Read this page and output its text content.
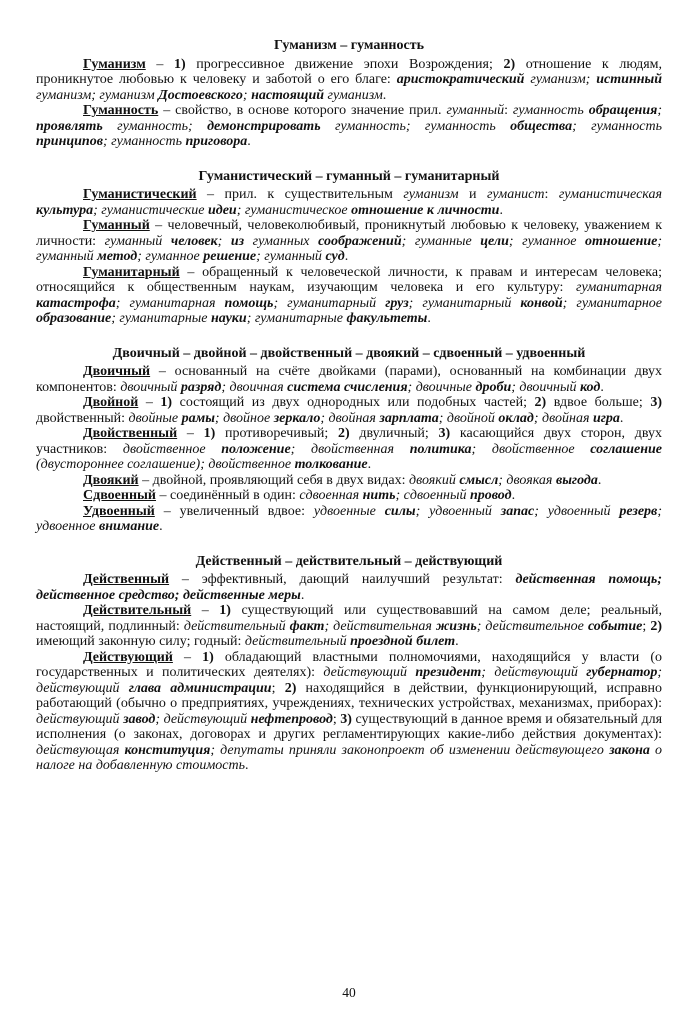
Гуманизм – гуманность

Гуманизм – 1) прогрессивное движение эпохи Возрождения; 2) отношение к людям, проникнутое любовью к человеку и заботой о его благе: аристократический гуманизм; истинный гуманизм; гуманизм Достоевского; настоящий гуманизм.

Гуманность – свойство, в основе которого значение прил. гуманный: гуманность обращения; проявлять гуманность; демонстрировать гуманность; гуманность общества; гуманность принципов; гуманность приговора.

Гуманистический – гуманный – гуманитарный

Гуманистический – прил. к существительным гуманизм и гуманист: гуманистическая культура; гуманистические идеи; гуманистическое отношение к личности.

Гуманный – человечный, человеколюбивый, проникнутый любовью к человеку, уважением к личности: гуманный человек; из гуманных соображений; гуманные цели; гуманное отношение; гуманный метод; гуманное решение; гуманный суд.

Гуманитарный – обращенный к человеческой личности, к правам и интересам человека; относящийся к общественным наукам, изучающим человека и его культуру: гуманитарная катастрофа; гуманитарная помощь; гуманитарный груз; гуманитарный конвой; гуманитарное образование; гуманитарные науки; гуманитарные факультеты.

Двоичный – двойной – двойственный – двоякий – сдвоенный – удвоенный

Двоичный – основанный на счёте двойками (парами), основанный на комбинации двух компонентов: двоичный разряд; двоичная система счисления; двоичные дроби; двоичный код.

Двойной – 1) состоящий из двух однородных или подобных частей; 2) вдвое больше; 3) двойственный: двойные рамы; двойное зеркало; двойная зарплата; двойной оклад; двойная игра.

Двойственный – 1) противоречивый; 2) двуличный; 3) касающийся двух сторон, двух участников: двойственное положение; двойственная политика; двойственное соглашение (двустороннее соглашение); двойственное толкование.

Двоякий – двойной, проявляющий себя в двух видах: двоякий смысл; двоякая выгода.

Сдвоенный – соединённый в один: сдвоенная нить; сдвоенный провод.

Удвоенный – увеличенный вдвое: удвоенные силы; удвоенный запас; удвоенный резерв; удвоенное внимание.

Действенный – действительный – действующий

Действенный – эффективный, дающий наилучший результат: действенная помощь; действенное средство; действенные меры.

Действительный – 1) существующий или существовавший на самом деле; реальный, настоящий, подлинный: действительный факт; действительная жизнь; действительное событие; 2) имеющий законную силу; годный: действительный проездной билет.

Действующий – 1) обладающий властными полномочиями, находящийся у власти (о государственных и политических деятелях): действующий президент; действующий губернатор; действующий глава администрации; 2) находящийся в действии, функционирующий, исправно работающий (обычно о предприятиях, учреждениях, технических устройствах, механизмах, приборах): действующий завод; действующий нефтепровод; 3) существующий в данное время и обязательный для исполнения (о законах, договорах и других регламентирующих какие-либо действия документах): действующая конституция; депутаты приняли законопроект об изменении действующего закона о налоге на добавленную стоимость.

40
